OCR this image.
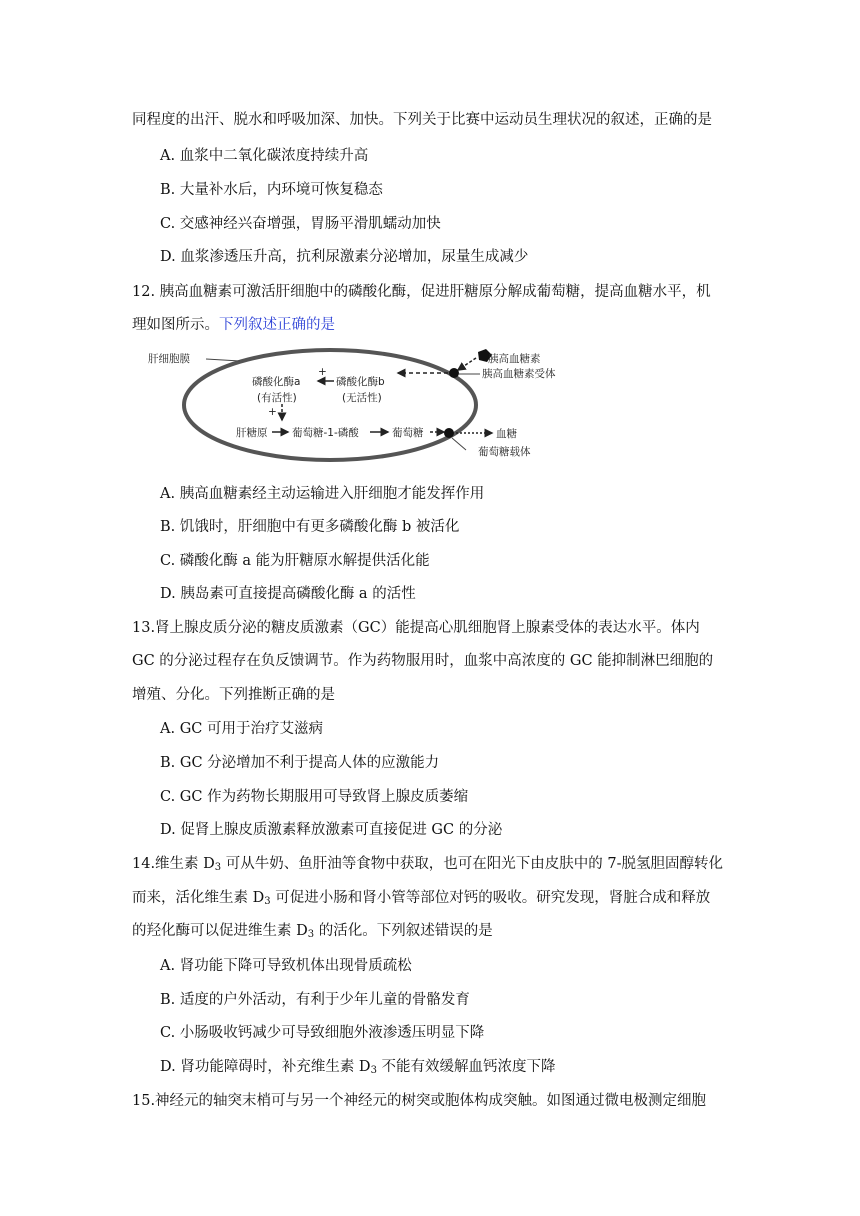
同程度的出汗、脱水和呼吸加深、加快。下列关于比赛中运动员生理状况的叙述，正确的是
A. 血浆中二氧化碳浓度持续升高
B. 大量补水后，内环境可恢复稳态
C. 交感神经兴奋增强，胃肠平滑肌蠕动加快
D. 血浆渗透压升高，抗利尿激素分泌增加，尿量生成减少
12. 胰高血糖素可激活肝细胞中的磷酸化酶，促进肝糖原分解成葡萄糖，提高血糖水平，机
理如图所示。下列叙述正确的是
肝细胞膜	胰高血糖素
胰高血糖素受体
磷酸化酶b
(无活性)
磷酸化酶a
(有活性)
+
+
肝糖原 葡萄糖-1-磷酸	葡萄糖	血糖
葡萄糖载体
A. 胰高血糖素经主动运输进入肝细胞才能发挥作用
B. 饥饿时，肝细胞中有更多磷酸化酶 b 被活化
C. 磷酸化酶 a 能为肝糖原水解提供活化能
D. 胰岛素可直接提高磷酸化酶 a 的活性
13.肾上腺皮质分泌的糖皮质激素（GC）能提高心肌细胞肾上腺素受体的表达水平。体内
GC 的分泌过程存在负反馈调节。作为药物服用时，血浆中高浓度的 GC 能抑制淋巴细胞的
增殖、分化。下列推断正确的是
A. GC 可用于治疗艾滋病
B. GC 分泌增加不利于提高人体的应激能力
C. GC 作为药物长期服用可导致肾上腺皮质萎缩
D. 促肾上腺皮质激素释放激素可直接促进 GC 的分泌
14.维生素 $D_3$ 可从牛奶、鱼肝油等食物中获取，也可在阳光下由皮肤中的 7-脱氢胆固醇转化
而来，活化维生素 $D_3$ 可促进小肠和肾小管等部位对钙的吸收。研究发现，肾脏合成和释放
的羟化酶可以促进维生素 $D_3$ 的活化。下列叙述错误的是
A. 肾功能下降可导致机体出现骨质疏松
B. 适度的户外活动，有利于少年儿童的骨骼发育
C. 小肠吸收钙减少可导致细胞外液渗透压明显下降
D. 肾功能障碍时，补充维生素 $D_3$ 不能有效缓解血钙浓度下降
15.神经元的轴突末梢可与另一个神经元的树突或胞体构成突触。如图通过微电极测定细胞
